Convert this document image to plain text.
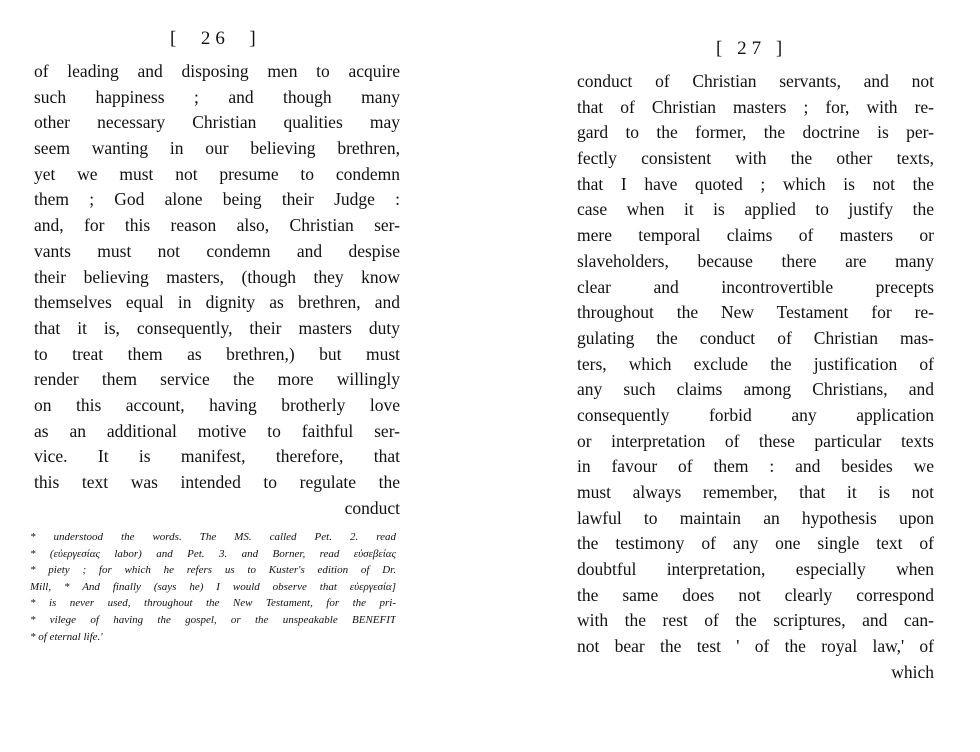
[  26  ]
of leading and disposing men to acquire
such happiness ; and though many
other necessary Christian qualities may
seem wanting in our believing brethren,
yet we must not presume to condemn
them ; God alone being their Judge :
and, for this reason also, Christian ser-
vants must not condemn and despise
their believing masters, (though they know
themselves equal in dignity as brethren, and
that it is, consequently, their masters duty
to treat them as brethren,) but must
render them service the more willingly
on this account, having brotherly love
as an additional motive to faithful ser-
vice. It is manifest, therefore, that
this text was intended to regulate the
conduct
* understood the words. The MS. called Pet. 2. read
* (εὐεργεσίας labor) and Pet. 3. and Borner, read εὐσεβείας
* piety ; for which he refers us to Kuster's edition of Dr.
Mill, * And finally (says he) I would observe that εὐεργεσία]
* is never used, throughout the New Testament, for the pri-
* vilege of having the gospel, or the unspeakable BENEFIT
* of eternal life.'
[ 27 ]
conduct of Christian servants, and not
that of Christian masters ; for, with re-
gard to the former, the doctrine is per-
fectly consistent with the other texts,
that I have quoted ; which is not the
case when it is applied to justify the
mere temporal claims of masters or
slaveholders, because there are many
clear and incontrovertible precepts
throughout the New Testament for re-
gulating the conduct of Christian mas-
ters, which exclude the justification of
any such claims among Christians, and
consequently forbid any application
or interpretation of these particular texts
in favour of them : and besides we
must always remember, that it is not
lawful to maintain an hypothesis upon
the testimony of any one single text of
doubtful interpretation, especially when
the same does not clearly correspond
with the rest of the scriptures, and can-
not bear the test ' of the royal law,' of
which
